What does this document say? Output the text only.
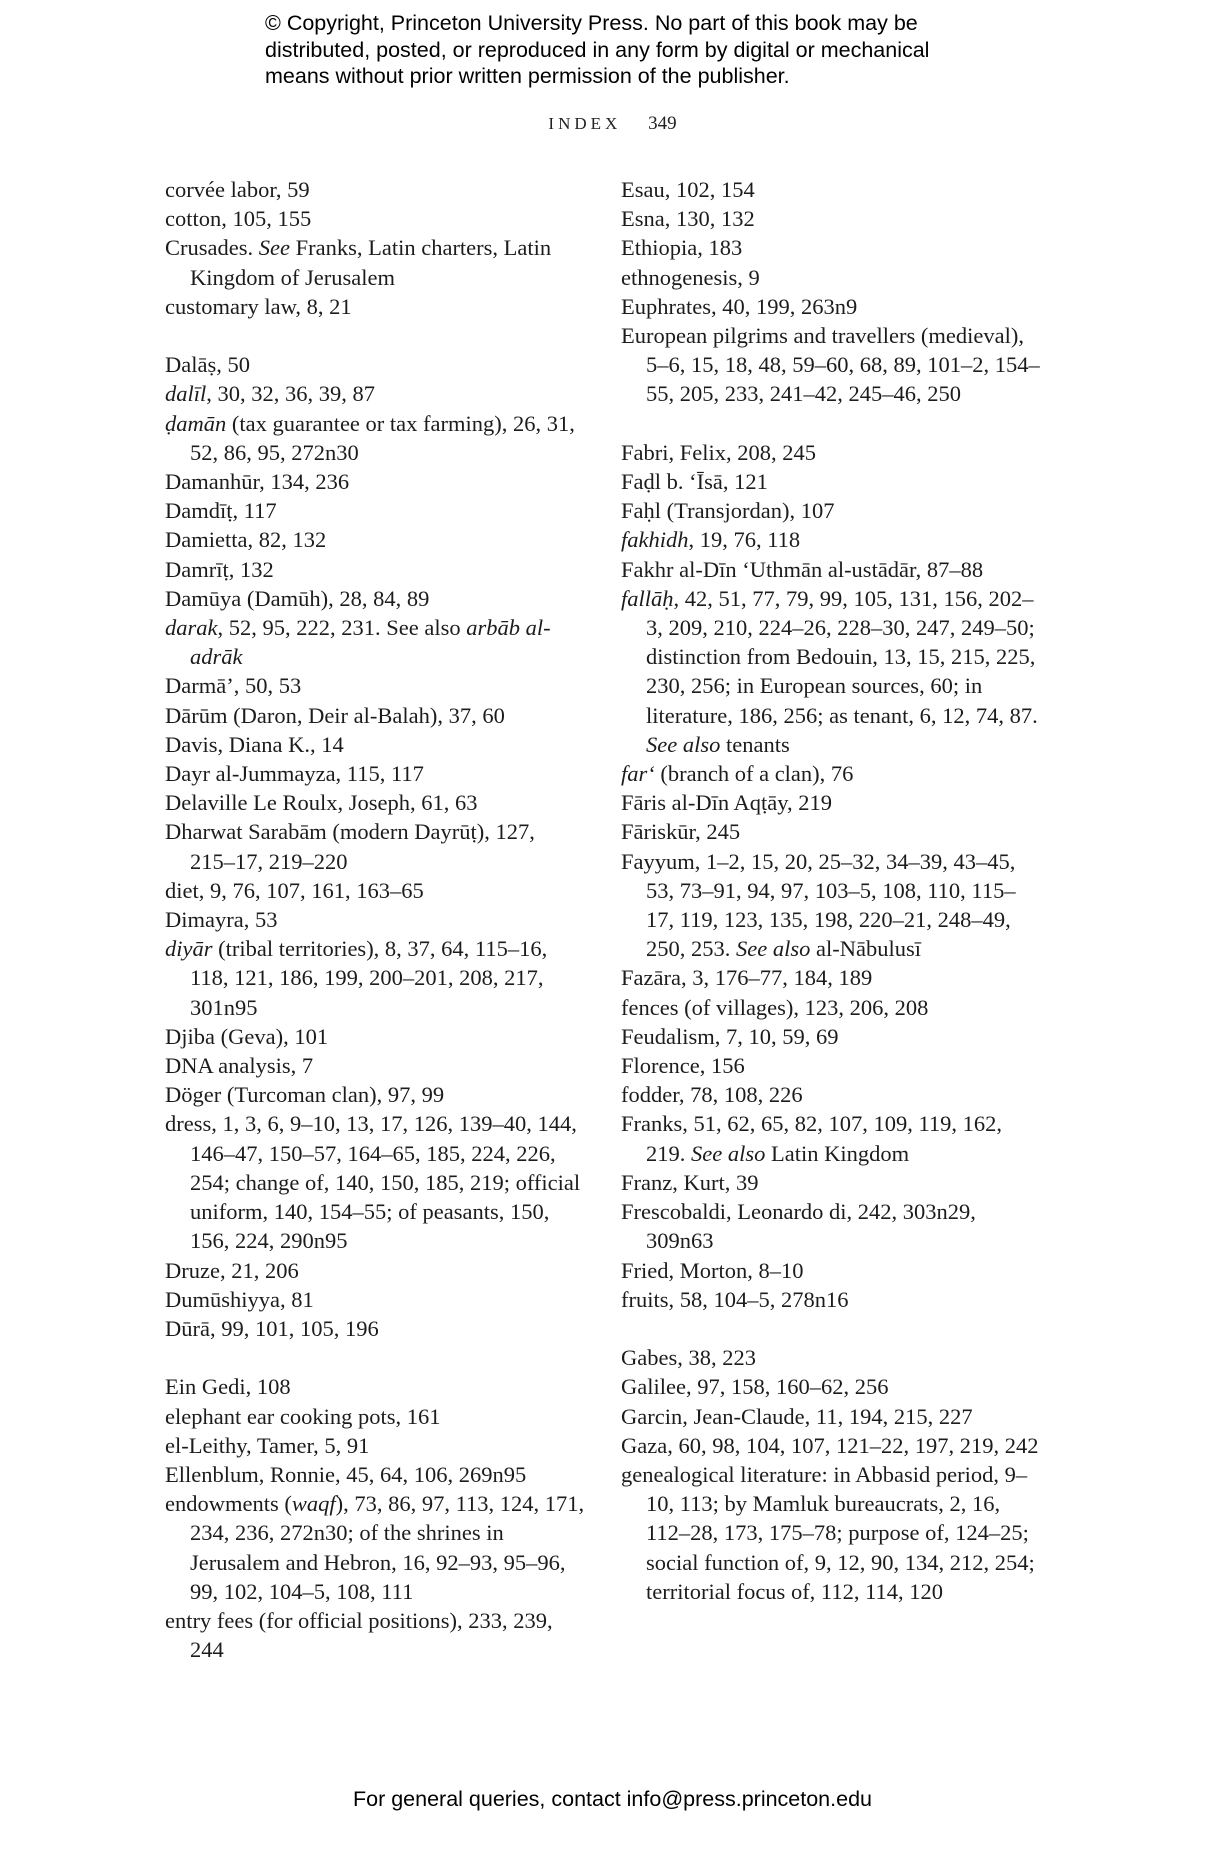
© Copyright, Princeton University Press. No part of this book may be
distributed, posted, or reproduced in any form by digital or mechanical
means without prior written permission of the publisher.
INDEX 349
corvée labor, 59
cotton, 105, 155
Crusades. See Franks, Latin charters, Latin Kingdom of Jerusalem
customary law, 8, 21
Dalāṣ, 50
dalīl, 30, 32, 36, 39, 87
ḍamān (tax guarantee or tax farming), 26, 31, 52, 86, 95, 272n30
Damanhūr, 134, 236
Damdīṭ, 117
Damietta, 82, 132
Damrīṭ, 132
Damūya (Damūh), 28, 84, 89
darak, 52, 95, 222, 231. See also arbāb al-adrāk
Darmā’, 50, 53
Dārūm (Daron, Deir al-Balah), 37, 60
Davis, Diana K., 14
Dayr al-Jummayza, 115, 117
Delaville Le Roulx, Joseph, 61, 63
Dharwat Sarabām (modern Dayrūṭ), 127, 215–17, 219–220
diet, 9, 76, 107, 161, 163–65
Dimayra, 53
diyār (tribal territories), 8, 37, 64, 115–16, 118, 121, 186, 199, 200–201, 208, 217, 301n95
Djiba (Geva), 101
DNA analysis, 7
Döger (Turcoman clan), 97, 99
dress, 1, 3, 6, 9–10, 13, 17, 126, 139–40, 144, 146–47, 150–57, 164–65, 185, 224, 226, 254; change of, 140, 150, 185, 219; official uniform, 140, 154–55; of peasants, 150, 156, 224, 290n95
Druze, 21, 206
Dumūshiyya, 81
Dūrā, 99, 101, 105, 196
Ein Gedi, 108
elephant ear cooking pots, 161
el-Leithy, Tamer, 5, 91
Ellenblum, Ronnie, 45, 64, 106, 269n95
endowments (waqf), 73, 86, 97, 113, 124, 171, 234, 236, 272n30; of the shrines in Jerusalem and Hebron, 16, 92–93, 95–96, 99, 102, 104–5, 108, 111
entry fees (for official positions), 233, 239, 244
Esau, 102, 154
Esna, 130, 132
Ethiopia, 183
ethnogenesis, 9
Euphrates, 40, 199, 263n9
European pilgrims and travellers (medieval), 5–6, 15, 18, 48, 59–60, 68, 89, 101–2, 154–55, 205, 233, 241–42, 245–46, 250
Fabri, Felix, 208, 245
Faḍl b. ‘Īsā, 121
Faḥl (Transjordan), 107
fakhidh, 19, 76, 118
Fakhr al-Dīn ‘Uthmān al-ustādār, 87–88
fallāḥ, 42, 51, 77, 79, 99, 105, 131, 156, 202–3, 209, 210, 224–26, 228–30, 247, 249–50; distinction from Bedouin, 13, 15, 215, 225, 230, 256; in European sources, 60; in literature, 186, 256; as tenant, 6, 12, 74, 87. See also tenants
far‘ (branch of a clan), 76
Fāris al-Dīn Aqṭāy, 219
Fāriskūr, 245
Fayyum, 1–2, 15, 20, 25–32, 34–39, 43–45, 53, 73–91, 94, 97, 103–5, 108, 110, 115–17, 119, 123, 135, 198, 220–21, 248–49, 250, 253. See also al-Nābulusī
Fazāra, 3, 176–77, 184, 189
fences (of villages), 123, 206, 208
Feudalism, 7, 10, 59, 69
Florence, 156
fodder, 78, 108, 226
Franks, 51, 62, 65, 82, 107, 109, 119, 162, 219. See also Latin Kingdom
Franz, Kurt, 39
Frescobaldi, Leonardo di, 242, 303n29, 309n63
Fried, Morton, 8–10
fruits, 58, 104–5, 278n16
Gabes, 38, 223
Galilee, 97, 158, 160–62, 256
Garcin, Jean-Claude, 11, 194, 215, 227
Gaza, 60, 98, 104, 107, 121–22, 197, 219, 242
genealogical literature: in Abbasid period, 9–10, 113; by Mamluk bureaucrats, 2, 16, 112–28, 173, 175–78; purpose of, 124–25; social function of, 9, 12, 90, 134, 212, 254; territorial focus of, 112, 114, 120
For general queries, contact info@press.princeton.edu
